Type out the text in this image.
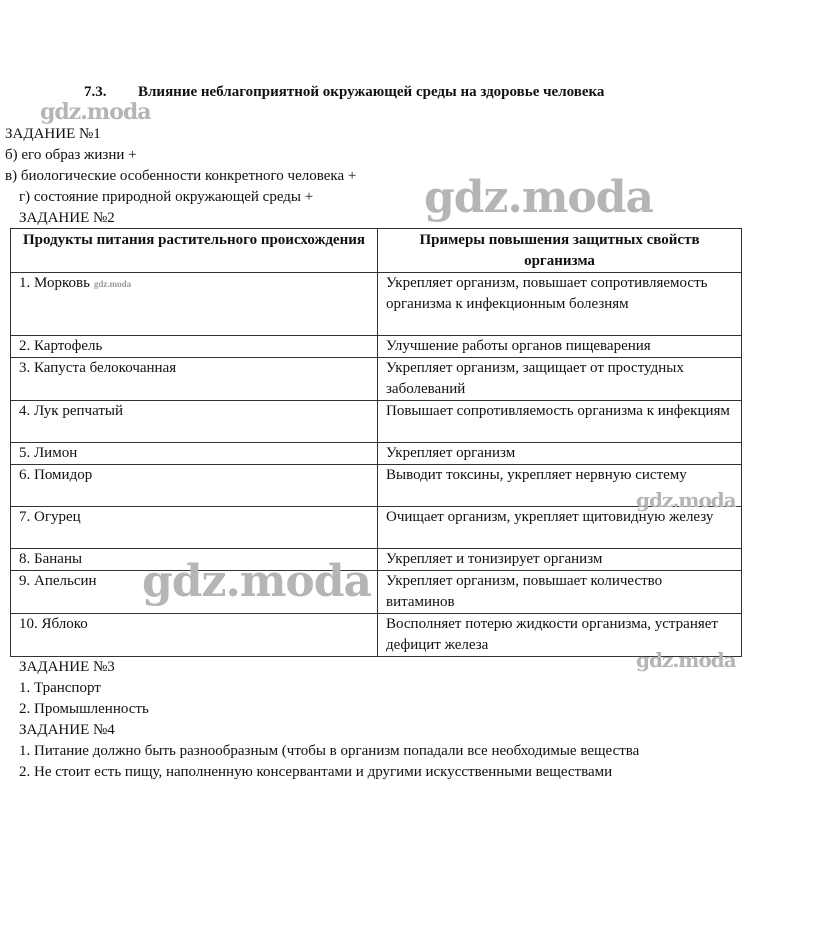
7.3. Влияние неблагоприятной окружающей среды на здоровье человека
ЗАДАНИЕ №1
б) его образ жизни +
в) биологические особенности конкретного человека +
г) состояние природной окружающей среды +
ЗАДАНИЕ №2
Продукты питания растительного происхождения	Примеры повышения защитных свойств организма
1. Морковь gdz.moda	Укрепляет организм, повышает сопротивляемость организма к инфекционным болезням
2. Картофель	Улучшение работы органов пищеварения
3. Капуста белокочанная	Укрепляет организм, защищает от простудных заболеваний
4. Лук репчатый	Повышает сопротивляемость организма к инфекциям
5. Лимон	Укрепляет организм
6. Помидор	Выводит токсины, укрепляет нервную систему
7. Огурец	Очищает организм, укрепляет щитовидную железу
8. Бананы	Укрепляет и тонизирует организм
9. Апельсин	Укрепляет организм, повышает количество витаминов
10. Яблоко	Восполняет потерю жидкости организма, устраняет дефицит железа
ЗАДАНИЕ №3
1. Транспорт
2. Промышленность
ЗАДАНИЕ №4
1. Питание должно быть разнообразным (чтобы в организм попадали все необходимые вещества
2. Не стоит есть пищу, наполненную консервантами и другими искусственными веществами
gdz.moda
gdz.moda
gdz.moda
gdz.moda
gdz.moda
